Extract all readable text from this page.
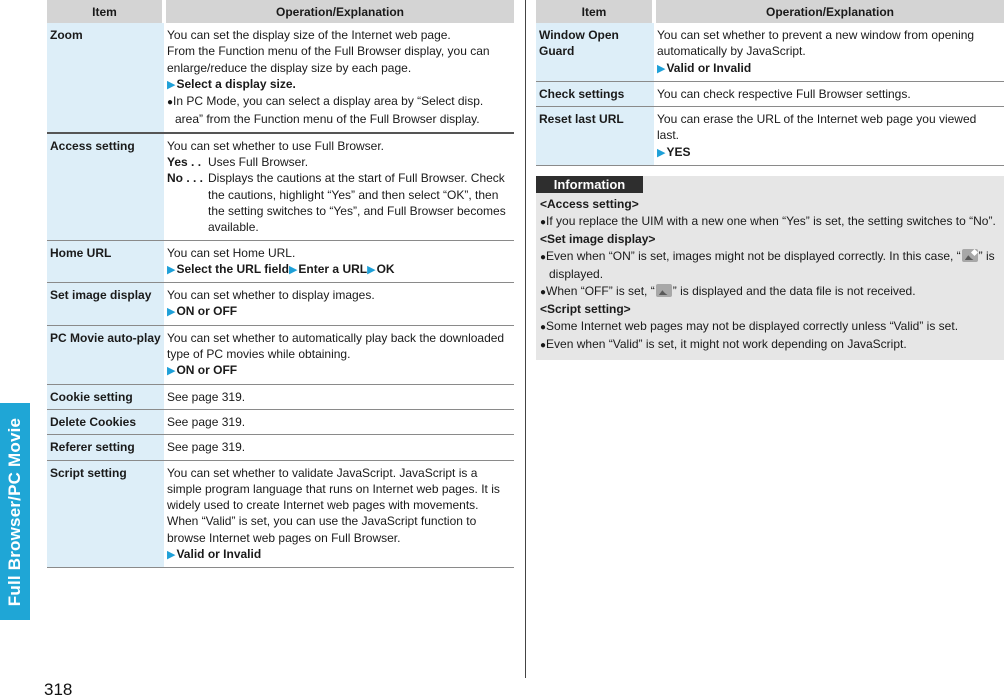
Full Browser/PC Movie
318
Item	Operation/Explanation
Zoom	You can set the display size of the Internet web page.
From the Function menu of the Full Browser display, you can enlarge/reduce the display size by each page.
▶Select a display size.
●In PC Mode, you can select a display area by “Select disp. area” from the Function menu of the Full Browser display.

Access setting	You can set whether to use Full Browser.
Yes . . Uses Full Browser.
No . . . Displays the cautions at the start of Full Browser. Check the cautions, highlight “Yes” and then select “OK”, then the setting switches to “Yes”, and Full Browser becomes available.

Home URL	You can set Home URL.
▶Select the URL field▶Enter a URL▶OK

Set image display	You can set whether to display images.
▶ON or OFF

PC Movie auto-play	You can set whether to automatically play back the downloaded type of PC movies while obtaining.
▶ON or OFF

Cookie setting	See page 319.
Delete Cookies	See page 319.
Referer setting	See page 319.
Script setting	You can set whether to validate JavaScript. JavaScript is a simple program language that runs on Internet web pages. It is widely used to create Internet web pages with movements.
When “Valid” is set, you can use the JavaScript function to browse Internet web pages on Full Browser.
▶Valid or Invalid
Item	Operation/Explanation
Window Open Guard	You can set whether to prevent a new window from opening automatically by JavaScript.
▶Valid or Invalid

Check settings	You can check respective Full Browser settings.
Reset last URL	You can erase the URL of the Internet web page you viewed last.
▶YES
Information
<Access setting>
●If you replace the UIM with a new one when “Yes” is set, the setting switches to “No”.
<Set image display>
●Even when “ON” is set, images might not be displayed correctly. In this case, “ ” is displayed.
●When “OFF” is set, “ ” is displayed and the data file is not received.
<Script setting>
●Some Internet web pages may not be displayed correctly unless “Valid” is set.
●Even when “Valid” is set, it might not work depending on JavaScript.
